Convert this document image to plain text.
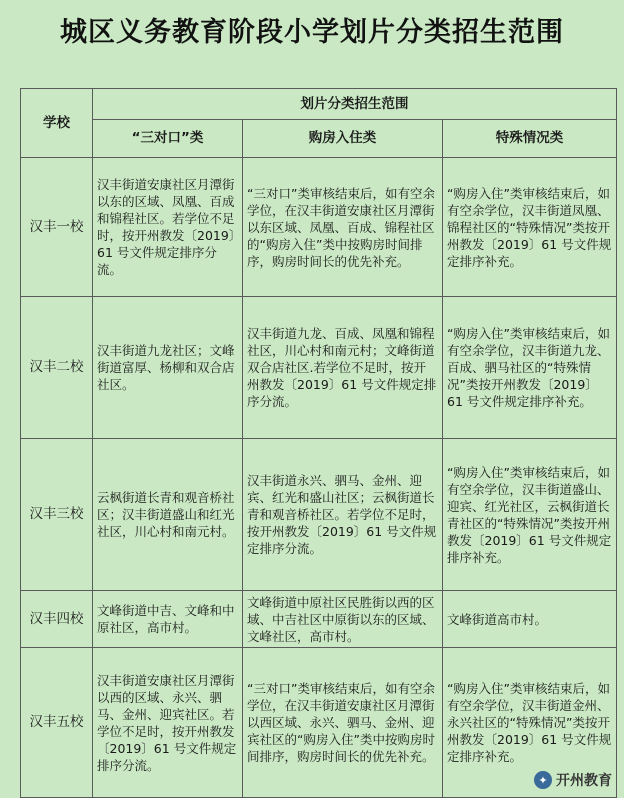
城区义务教育阶段小学划片分类招生范围
学校	划片分类招生范围		
	“三对口”类	购房入住类	特殊情况类
汉丰一校	汉丰街道安康社区月潭街以东的区域、凤凰、百成和锦程社区。若学位不足时，按开州教发〔2019〕61 号文件规定排序分流。	“三对口”类审核结束后，如有空余学位，在汉丰街道安康社区月潭街以东区域、凤凰、百成、锦程社区的“购房入住”类中按购房时间排序，购房时间长的优先补充。	“购房入住”类审核结束后，如有空余学位，汉丰街道凤凰、锦程社区的“特殊情况”类按开州教发〔2019〕61 号文件规定排序补充。
汉丰二校	汉丰街道九龙社区；文峰街道富厚、杨柳和双合店社区。	汉丰街道九龙、百成、凤凰和锦程社区，川心村和南元村；文峰街道双合店社区.若学位不足时，按开州教发〔2019〕61 号文件规定排序分流。	“购房入住”类审核结束后，如有空余学位，汉丰街道九龙、百成、驷马社区的“特殊情况”类按开州教发〔2019〕61 号文件规定排序补充。
汉丰三校	云枫街道长青和观音桥社区；汉丰街道盛山和红光社区，川心村和南元村。	汉丰街道永兴、驷马、金州、迎宾、红光和盛山社区；云枫街道长青和观音桥社区。若学位不足时，按开州教发〔2019〕61 号文件规定排序分流。	“购房入住”类审核结束后，如有空余学位，汉丰街道盛山、迎宾、红光社区，云枫街道长青社区的“特殊情况”类按开州教发〔2019〕61 号文件规定排序补充。
汉丰四校	文峰街道中吉、文峰和中原社区，高市村。	文峰街道中原社区民胜街以西的区域、中吉社区中原街以东的区域、文峰社区，高市村。	文峰街道高市村。
汉丰五校	汉丰街道安康社区月潭街以西的区域、永兴、驷马、金州、迎宾社区。若学位不足时，按开州教发〔2019〕61 号文件规定排序分流。	“三对口”类审核结束后，如有空余学位，在汉丰街道安康社区月潭街以西区域、永兴、驷马、金州、迎宾社区的“购房入住”类中按购房时间排序，购房时间长的优先补充。	“购房入住”类审核结束后，如有空余学位，汉丰街道金州、永兴社区的“特殊情况”类按开州教发〔2019〕61 号文件规定排序补充。
✦ 开州教育
